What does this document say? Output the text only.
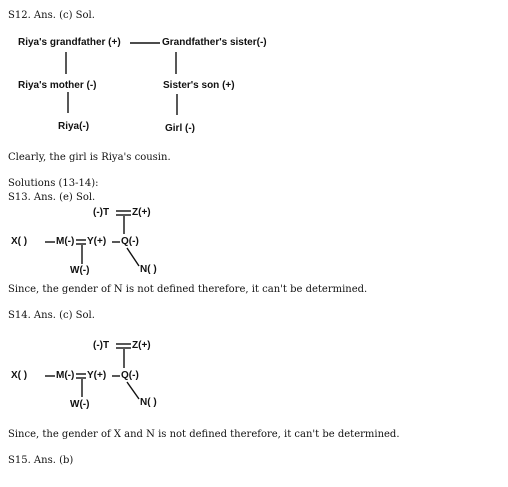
S12. Ans. (c) Sol.
Riya's grandfather (+)	Grandfather's sister(-)
Riya's mother (-)	Sister's son (+)
Riya(-)	Girl (-)
Clearly, the girl is Riya's cousin.
Solutions (13-14):
S13. Ans. (e) Sol.
(-)T Z(+)
X( )	M(-) Y(+) Q(-)
W(-)	N( )
Since, the gender of N is not defined therefore, it can't be determined.
S14. Ans. (c) Sol.
(-)T Z(+)
X( )	M(-) Y(+) Q(-)
W(-)	N( )
Since, the gender of X and N is not defined therefore, it can't be determined.
S15. Ans. (b)
